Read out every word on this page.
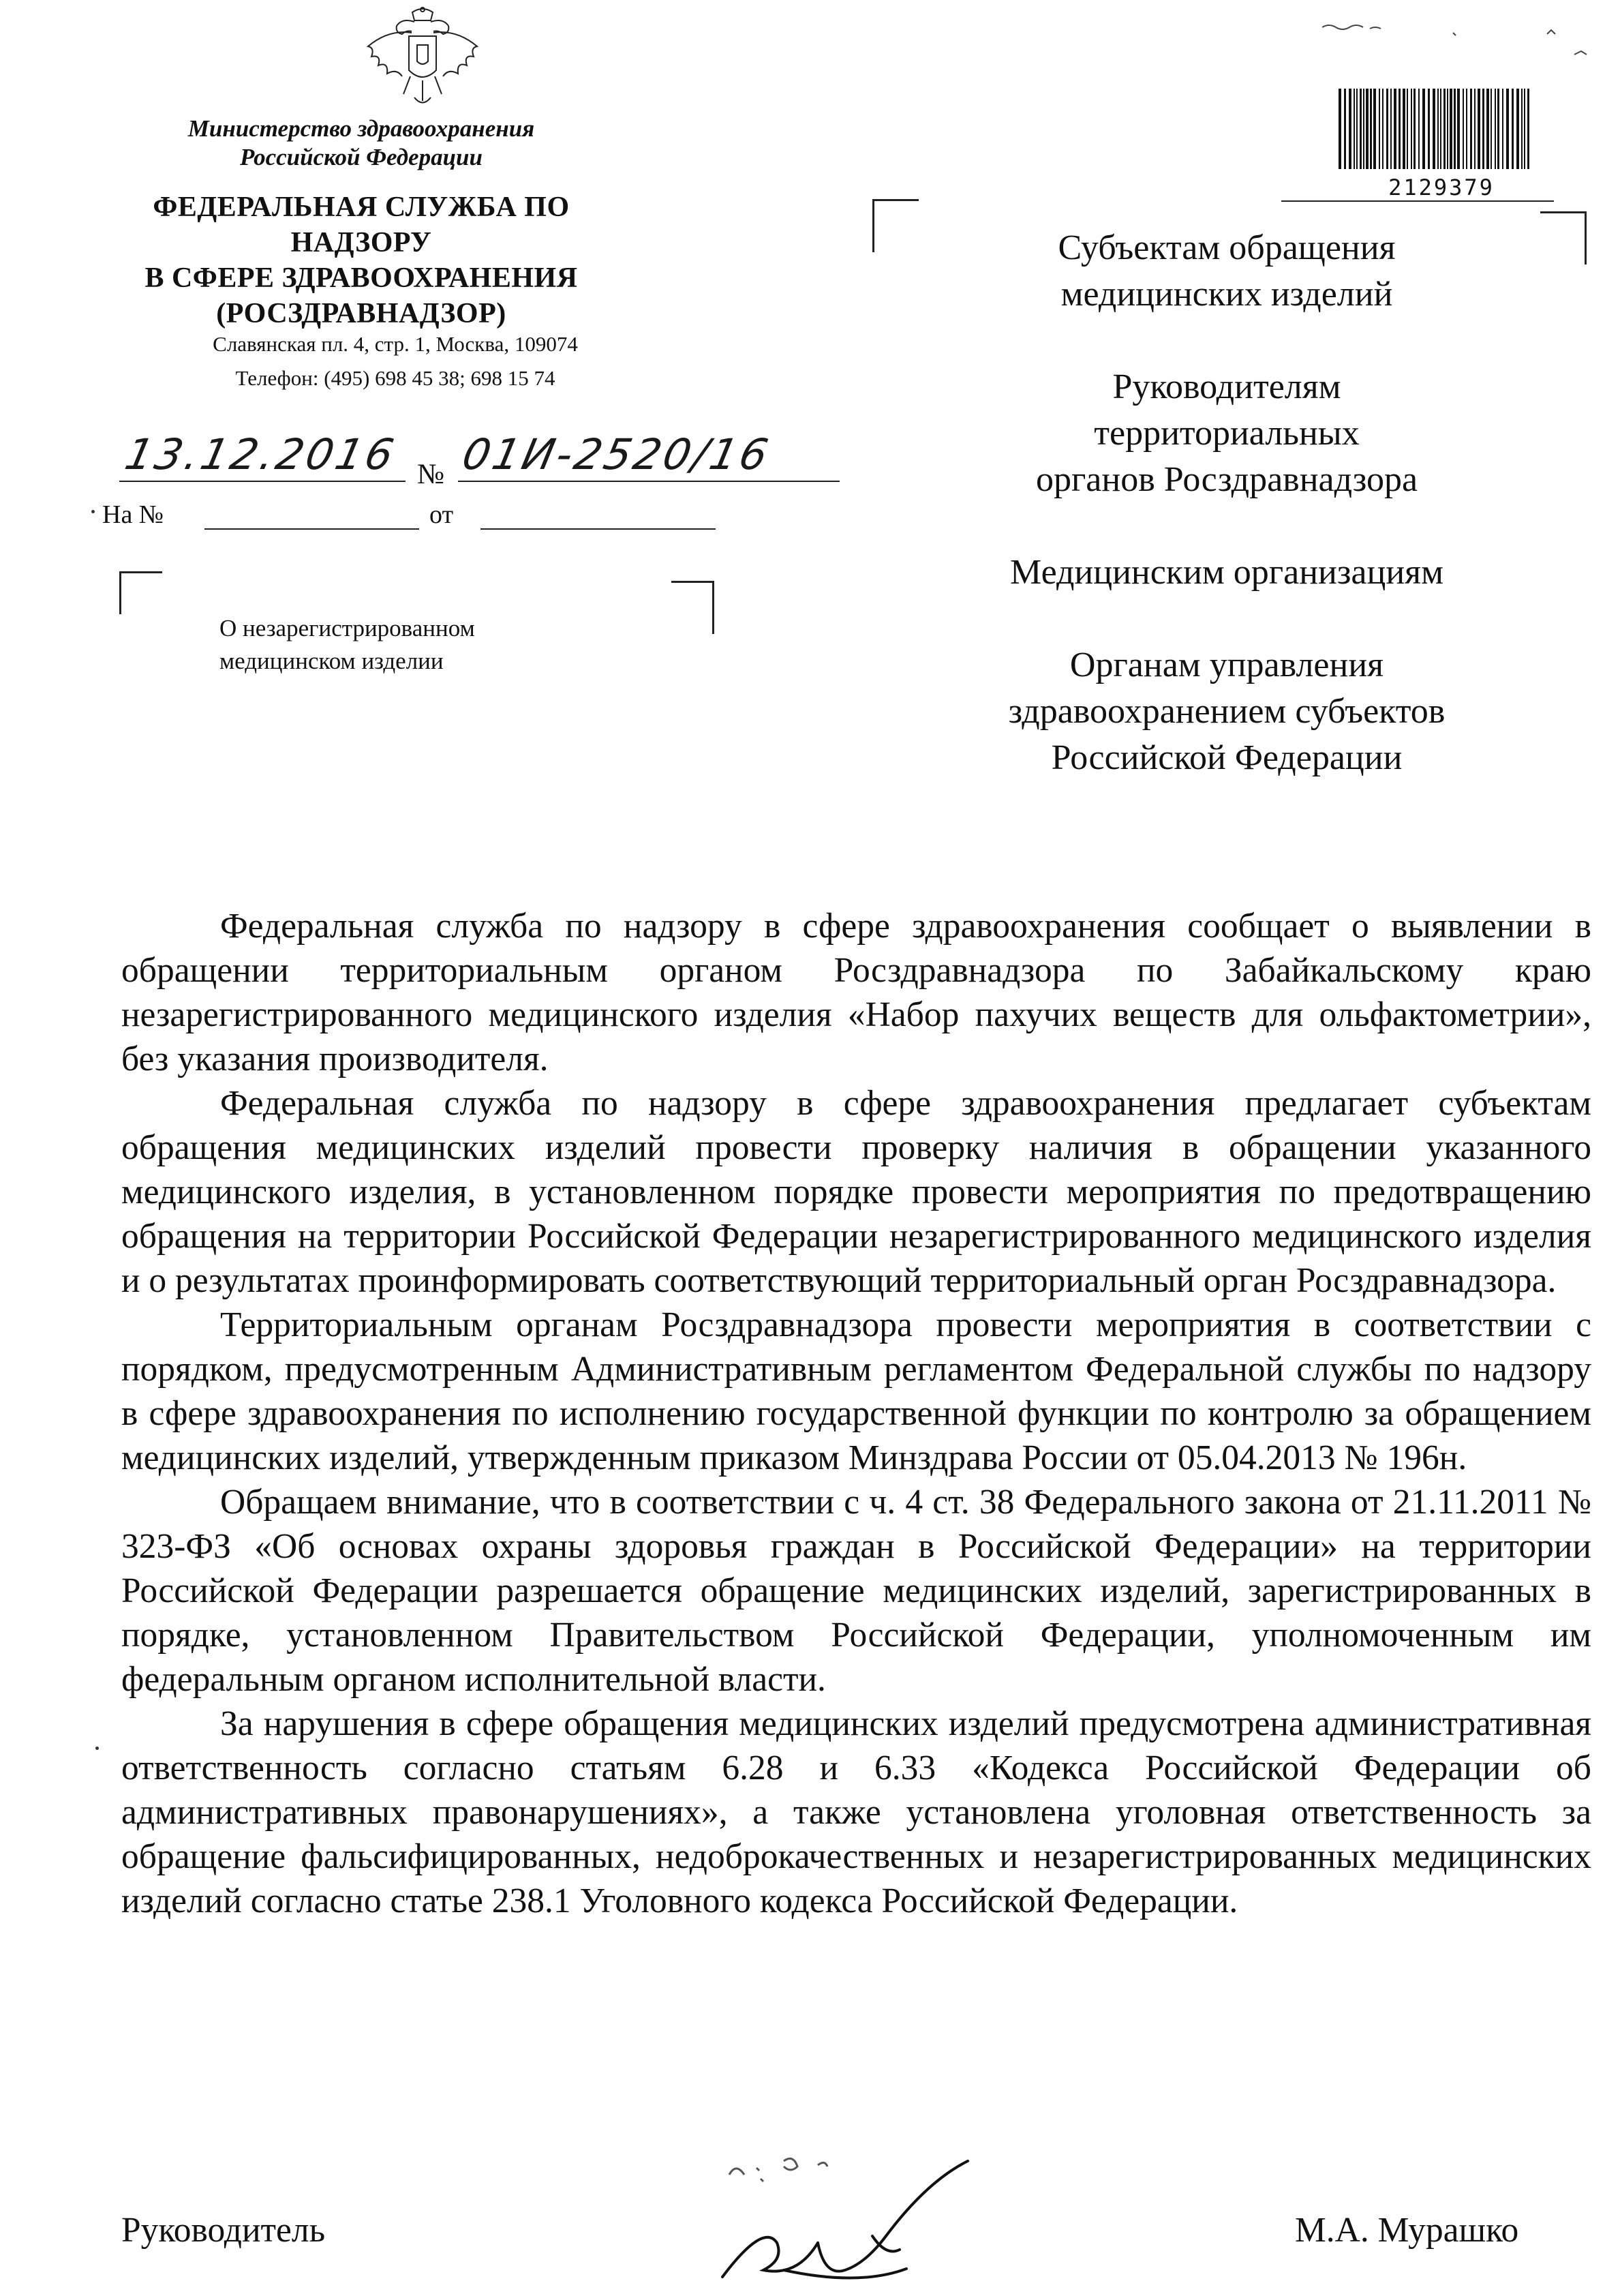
Министерство здравоохранения
Российской Федерации
ФЕДЕРАЛЬНАЯ СЛУЖБА ПО НАДЗОРУ
В СФЕРЕ ЗДРАВООХРАНЕНИЯ
(РОСЗДРАВНАДЗОР)
Славянская пл. 4, стр. 1, Москва, 109074
Телефон: (495) 698 45 38; 698 15 74
13.12.2016 № 01И-2520/16
На №	от
О незарегистрированном
медицинском изделии
2129379
Субъектам обращения
медицинских изделий
Руководителям
территориальных
органов Росздравнадзора
Медицинским организациям
Органам управления
здравоохранением субъектов
Российской Федерации

Федеральная служба по надзору в сфере здравоохранения сообщает о выявлении в обращении территориальным органом Росздравнадзора по Забайкальскому краю незарегистрированного медицинского изделия «Набор пахучих веществ для ольфактометрии», без указания производителя.

Федеральная служба по надзору в сфере здравоохранения предлагает субъектам обращения медицинских изделий провести проверку наличия в обращении указанного медицинского изделия, в установленном порядке провести мероприятия по предотвращению обращения на территории Российской Федерации незарегистрированного медицинского изделия и о результатах проинформировать соответствующий территориальный орган Росздравнадзора.

Территориальным органам Росздравнадзора провести мероприятия в соответствии с порядком, предусмотренным Административным регламентом Федеральной службы по надзору в сфере здравоохранения по исполнению государственной функции по контролю за обращением медицинских изделий, утвержденным приказом Минздрава России от 05.04.2013 № 196н.

Обращаем внимание, что в соответствии с ч. 4 ст. 38 Федерального закона от 21.11.2011 № 323-ФЗ «Об основах охраны здоровья граждан в Российской Федерации» на территории Российской Федерации разрешается обращение медицинских изделий, зарегистрированных в порядке, установленном Правительством Российской Федерации, уполномоченным им федеральным органом исполнительной власти.

За нарушения в сфере обращения медицинских изделий предусмотрена административная ответственность согласно статьям 6.28 и 6.33 «Кодекса Российской Федерации об административных правонарушениях», а также установлена уголовная ответственность за обращение фальсифицированных, недоброкачественных и незарегистрированных медицинских изделий согласно статье 238.1 Уголовного кодекса Российской Федерации.

Руководитель	М.А. Мурашко
